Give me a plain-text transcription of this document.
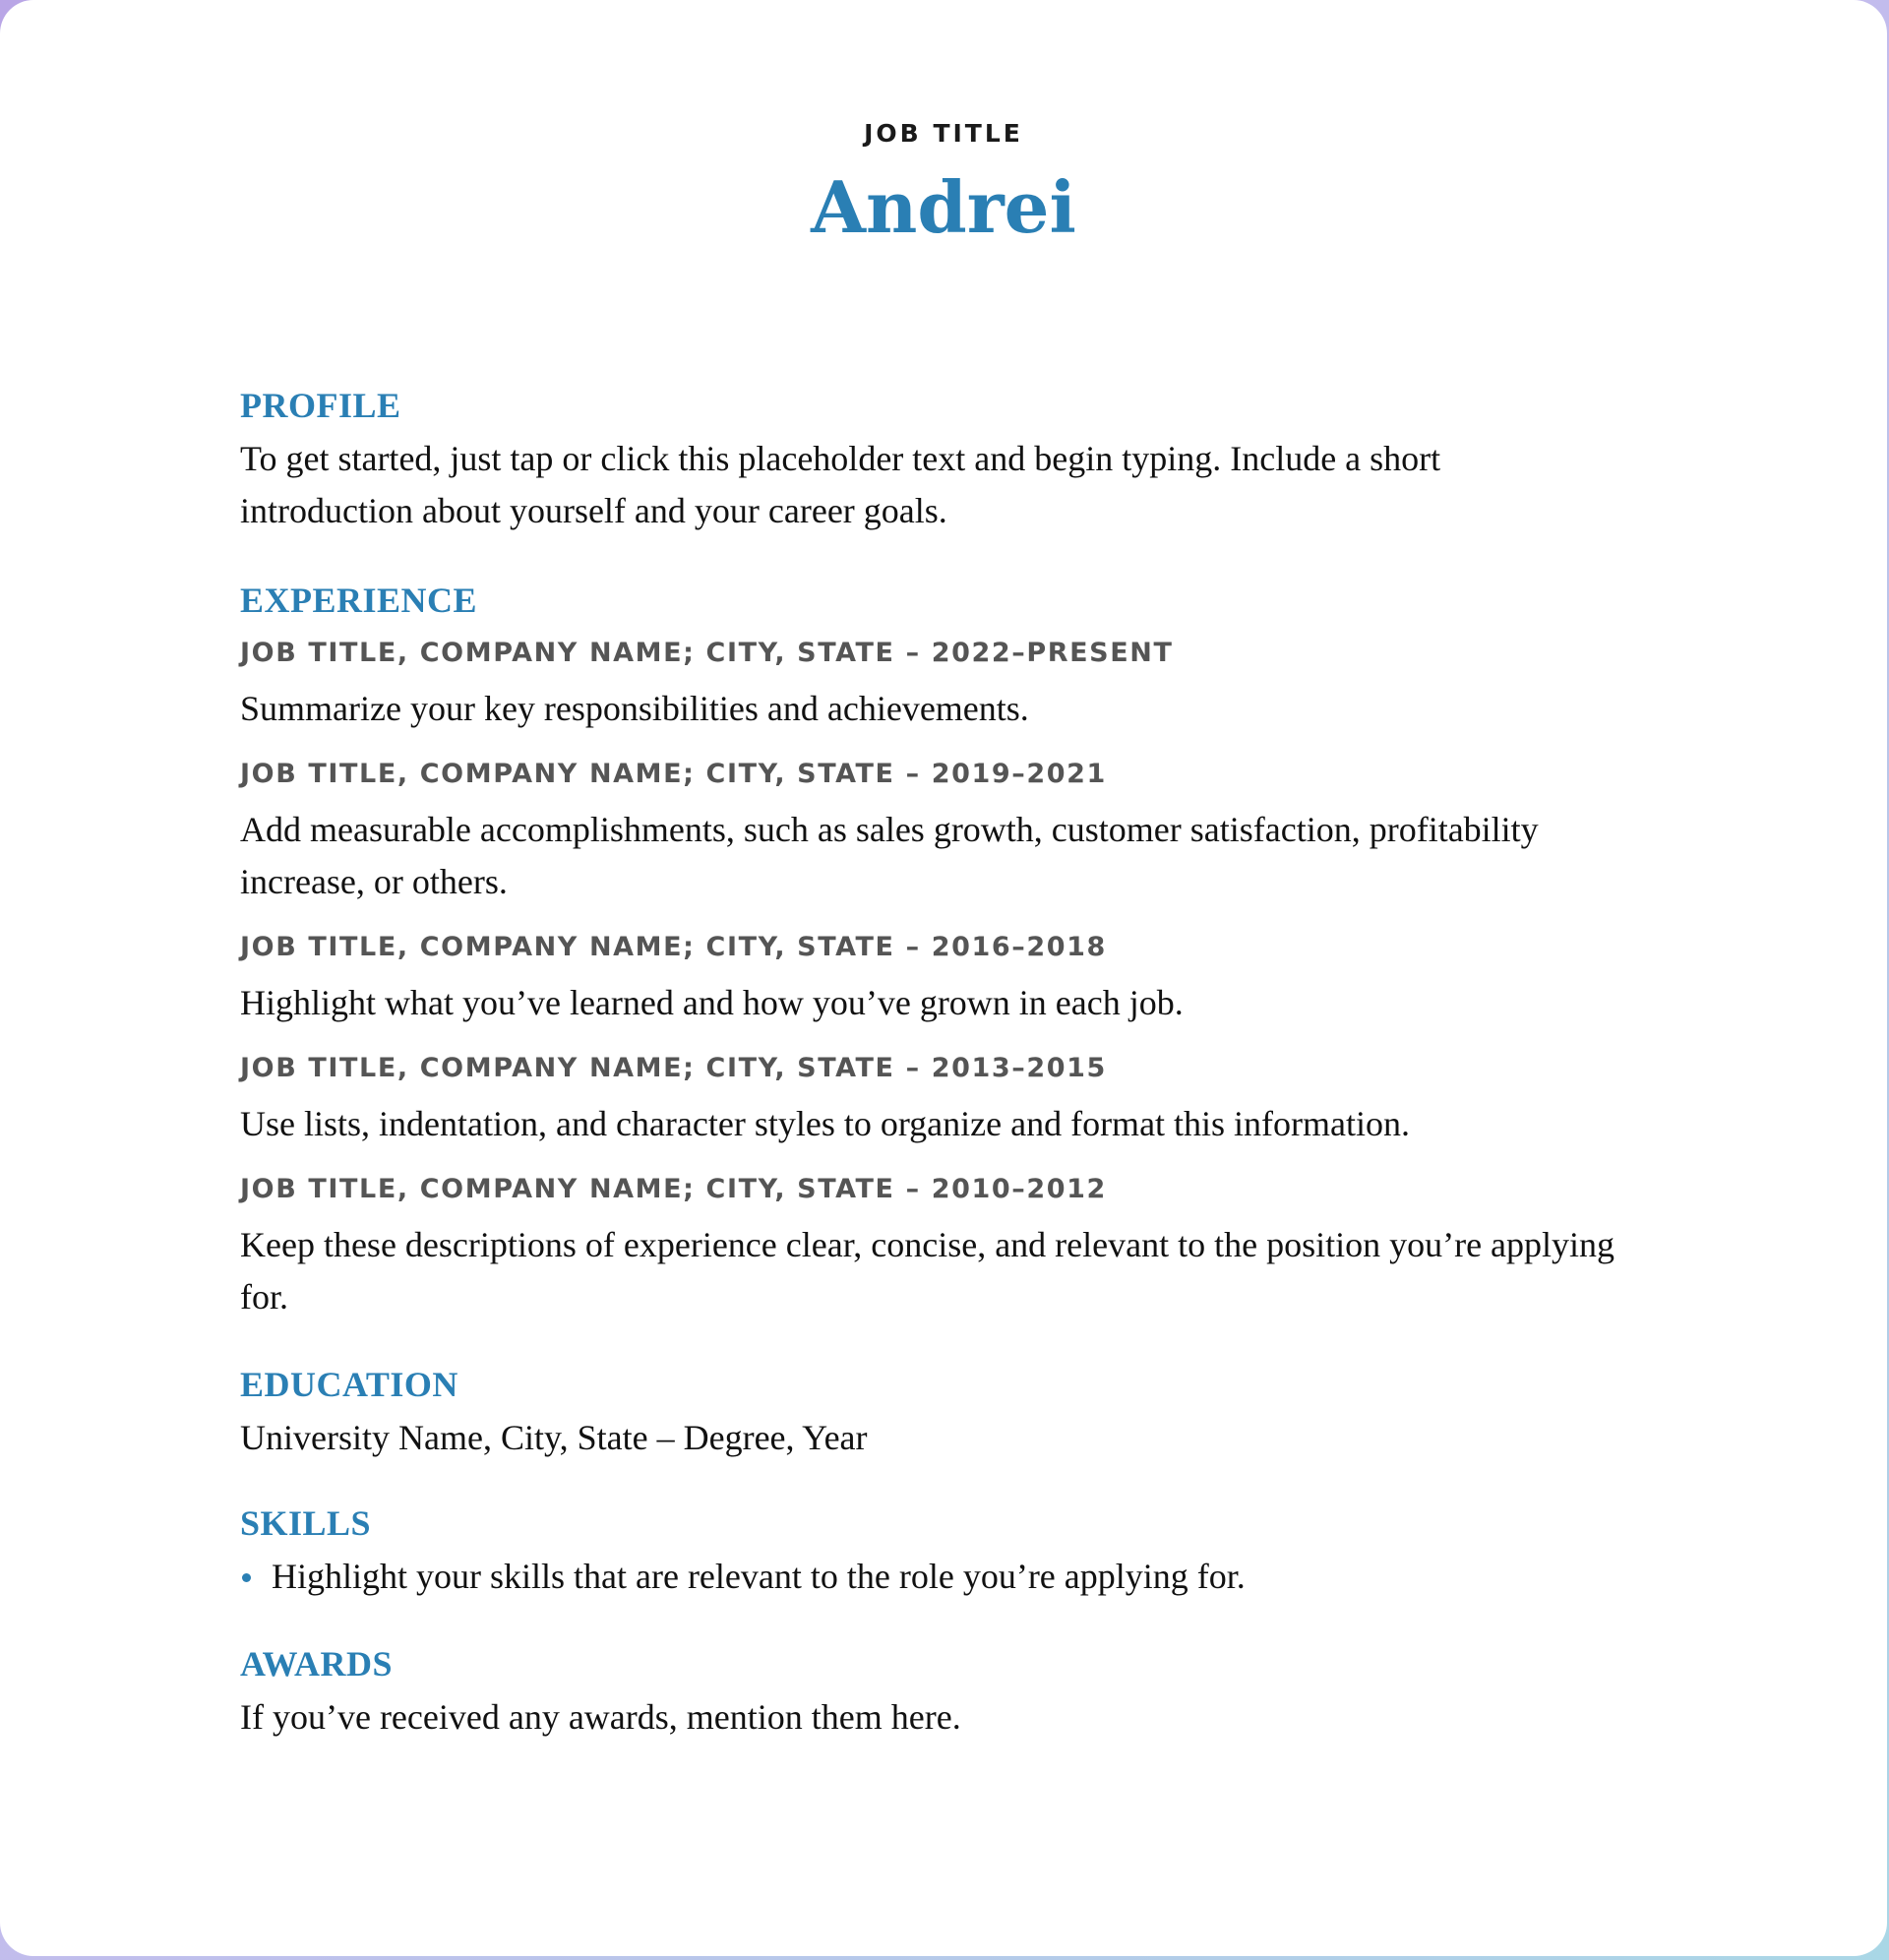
JOB TITLE
Andrei
PROFILE
To get started, just tap or click this placeholder text and begin typing. Include a short introduction about yourself and your career goals.
EXPERIENCE
JOB TITLE, COMPANY NAME; CITY, STATE – 2022–PRESENT
Summarize your key responsibilities and achievements.
JOB TITLE, COMPANY NAME; CITY, STATE – 2019–2021
Add measurable accomplishments, such as sales growth, customer satisfaction, profitability increase, or others.
JOB TITLE, COMPANY NAME; CITY, STATE – 2016–2018
Highlight what you’ve learned and how you’ve grown in each job.
JOB TITLE, COMPANY NAME; CITY, STATE – 2013–2015
Use lists, indentation, and character styles to organize and format this information.
JOB TITLE, COMPANY NAME; CITY, STATE – 2010–2012
Keep these descriptions of experience clear, concise, and relevant to the position you’re applying for.
EDUCATION
University Name, City, State – Degree, Year
SKILLS
Highlight your skills that are relevant to the role you’re applying for.
AWARDS
If you’ve received any awards, mention them here.
